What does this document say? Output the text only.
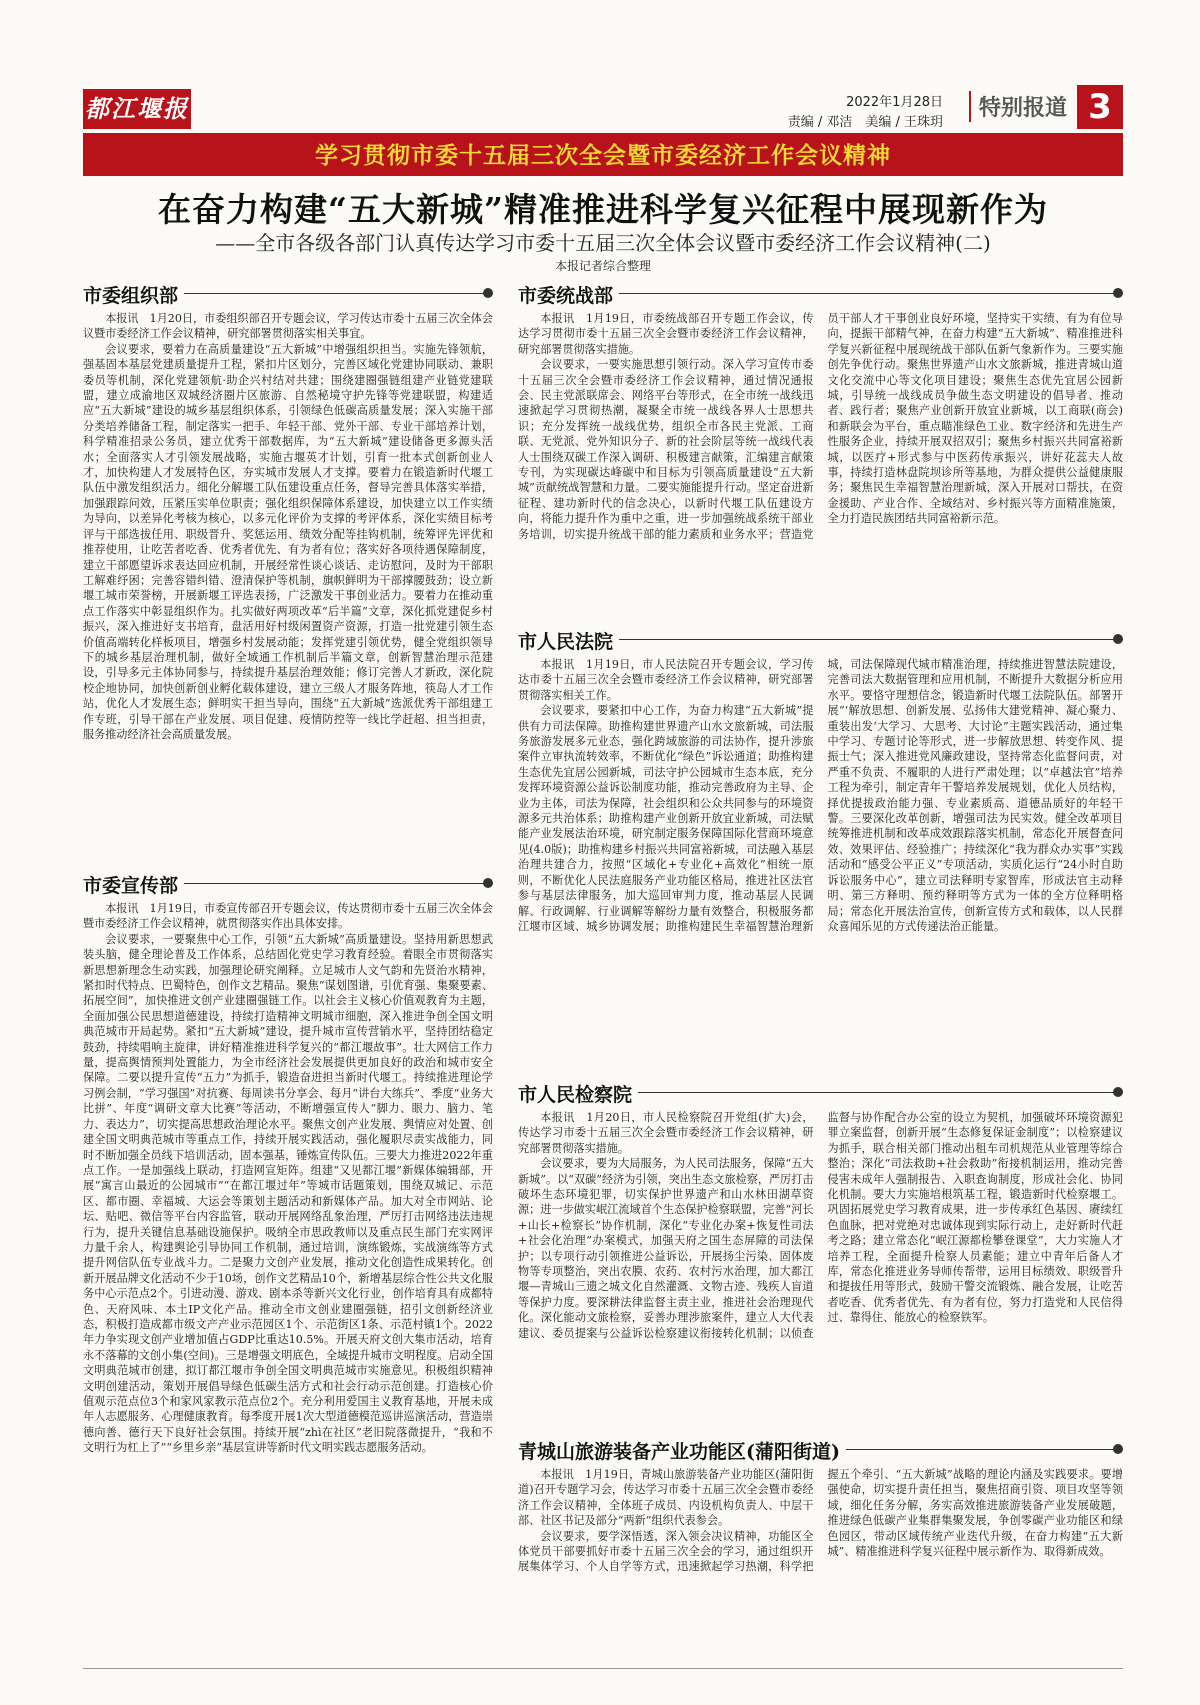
都江堰报	2022年1月28日
责编 / 邓洁　美编 / 王珠玥
特别报道 3
学习贯彻市委十五届三次全会暨市委经济工作会议精神
在奋力构建“五大新城”精准推进科学复兴征程中展现新作为
——全市各级各部门认真传达学习市委十五届三次全体会议暨市委经济工作会议精神(二)
本报记者综合整理
市委组织部

本报讯　1月20日，市委组织部召开专题会议，学习传达市委十五届三次全体会议暨市委经济工作会议精神，研究部署贯彻落实相关事宜。

会议要求，要着力在高质量建设“五大新城”中增强组织担当。实施先锋领航，强基固本基层党建质量提升工程，紧扣片区划分，完善区域化党建协同联动、兼职委员等机制，深化党建领航·助企兴村结对共建；围绕建圈强链组建产业链党建联盟，建立成渝地区双城经济圈片区旅游、自然秘境守护先锋等党建联盟，构建适应“五大新城”建设的城乡基层组织体系，引领绿色低碳高质量发展；深入实施干部分类培养储备工程，制定落实一把手、年轻干部、党外干部、专业干部培养计划，科学精准招录公务员，建立优秀干部数据库，为“五大新城”建设储备更多源头活水；全面落实人才引领发展战略，实施古堰英才计划，引育一批本式创新创业人才，加快构建人才发展特色区，夯实城市发展人才支撑。要着力在锻造新时代堰工队伍中激发组织活力。细化分解堰工队伍建设重点任务，督导完善具体落实举措，加强跟踪问效，压紧压实单位职责；强化组织保障体系建设，加快建立以工作实绩为导向，以差异化考核为核心，以多元化评价为支撑的考评体系，深化实绩目标考评与干部选拔任用、职级晋升、奖惩运用、绩效分配等挂钩机制，统筹评先评优和推荐使用，让吃苦者吃香、优秀者优先、有为者有位；落实好各项待遇保障制度，建立干部愿望诉求表达回应机制，开展经常性谈心谈话、走访慰问，及时为干部职工解难纾困；完善容错纠错、澄清保护等机制，旗帜鲜明为干部撑腰鼓劲；设立新堰工城市荣誉榜，开展新堰工评选表扬，广泛激发干事创业活力。要着力在推动重点工作落实中彰显组织作为。扎实做好两项改革“后半篇”文章，深化抓党建促乡村振兴，深入推进好支书培育，盘活用好村级闲置资产资源，打造一批党建引领生态价值高端转化样板项目，增强乡村发展动能；发挥党建引领优势，健全党组织领导下的城乡基层治理机制，做好全域通工作机制后半篇文章，创新智慧治理示范建设，引导多元主体协同参与，持续提升基层治理效能；修订完善人才新政，深化院校企地协同，加快创新创业孵化载体建设，建立三级人才服务阵地，筷岛人才工作站，优化人才发展生态；鲜明实干担当导向，围绕“五大新城”选派优秀干部组建工作专班，引导干部在产业发展、项目促建、疫情防控等一线比学赶超、担当担责，服务推动经济社会高质量发展。

市委宣传部

本报讯　1月19日，市委宣传部召开专题会议，传达贯彻市委十五届三次全体会暨市委经济工作会议精神，就贯彻落实作出具体安排。

会议要求，一要聚焦中心工作，引领“五大新城”高质量建设。坚持用新思想武装头脑，健全理论普及工作体系，总结固化党史学习教育经验。着眼全市贯彻落实新思想新理念生动实践，加强理论研究阐释。立足城市人文气韵和先贤治水精神，紧扣时代特点、巴蜀特色，创作文艺精品。聚焦“谋划图谱，引优育强、集聚要素、拓展空间”，加快推进文创产业建圈强链工作。以社会主义核心价值观教育为主题，全面加强公民思想道德建设，持续打造精神文明城市细胞，深入推进争创全国文明典范城市开局起势。紧扣“五大新城”建设，提升城市宣传营销水平，坚持团结稳定鼓劲，持续唱响主旋律，讲好精准推进科学复兴的“都江堰故事”。壮大网信工作力量，提高舆情预判处置能力，为全市经济社会发展提供更加良好的政治和城市安全保障。二要以提升宣传“五力”为抓手，锻造奋进担当新时代堰工。持续推进理论学习例会制，“学习强国”对抗赛、每周读书分享会、每月“讲台大练兵”、季度“业务大比拼”、年度“调研文章大比赛”等活动，不断增强宣传人“脚力、眼力、脑力、笔力、表达力”，切实提高思想政治理论水平。聚焦文创产业发展、舆情应对处置、创建全国文明典范城市等重点工作，持续开展实践活动，强化履职尽责实战能力，同时不断加强全员线下培训活动，固本强基，锤炼宣传队伍。三要大力推进2022年重点工作。一是加强线上联动，打造网宣矩阵。组建“又见都江堰”新媒体编辑部，开展“寓言山最近的公园城市”“在都江堰过年”等城市话题策划，围绕双城记、示范区、都市圈、幸福城、大运会等策划主题活动和新媒体产品。加大对全市网站、论坛、贴吧、微信等平台内容监管，联动开展网络乱象治理，严厉打击网络违法违规行为，提升关键信息基础设施保护。吸纳全市思政教师以及重点民生部门充实网评力量千余人，构建舆论引导协同工作机制，通过培训，演练锻炼，实战演练等方式提升网信队伍专业战斗力。二是聚力文创产业发展，推动文化创造性成果转化。创新开展品牌文化活动不少于10场，创作文艺精品10个，新增基层综合性公共文化服务中心示范点2个。引进动漫、游戏、剧本杀等新兴文化行业，创作培育具有成都特色、天府风味、本土IP文化产品。推动全市文创业建圈强链，招引文创新经济业态，积极打造成都市级文产产业示范园区1个、示范街区1条、示范村镇1个。2022年力争实现文创产业增加值占GDP比重达10.5%。开展天府文创大集市活动，培育永不落幕的文创小集(空间)。三是增强文明底色，全域提升城市文明程度。启动全国文明典范城市创建，拟订都江堰市争创全国文明典范城市实施意见。积极组织精神文明创建活动，策划开展倡导绿色低碳生活方式和社会行动示范创建。打造核心价值观示范点位3个和家风家教示范点位2个。充分利用爱国主义教育基地，开展未成年人志愿服务、心理健康教育。每季度开展1次大型道德模范巡讲巡演活动，营造崇德向善、德行天下良好社会氛围。持续开展“zhì在社区”老旧院落微提升，“我和不文明行为杠上了”“乡里乡亲”基层宣讲等新时代文明实践志愿服务活动。

市委统战部

本报讯　1月19日，市委统战部召开专题工作会议，传达学习贯彻市委十五届三次全会暨市委经济工作会议精神，研究部署贯彻落实措施。

会议要求，一要实施思想引领行动。深入学习宣传市委十五届三次全会暨市委经济工作会议精神，通过情况通报会、民主党派联席会、网络平台等形式，在全市统一战线迅速掀起学习贯彻热潮，凝聚全市统一战线各界人士思想共识；充分发挥统一战线优势，组织全市各民主党派、工商联、无党派、党外知识分子、新的社会阶层等统一战线代表人士围绕双碳工作深入调研、积极建言献策，汇编建言献策专刊，为实现碳达峰碳中和目标为引领高质量建设“五大新城”贡献统战智慧和力量。二要实施能提升行动。坚定奋进新征程、建功新时代的信念决心，以新时代堰工队伍建设方向，将能力提升作为重中之重，进一步加强统战系统干部业务培训，切实提升统战干部的能力素质和业务水平；营造党员干部人才干事创业良好环境，坚持实干实绩、有为有位导向，提振干部精气神，在奋力构建“五大新城”、精准推进科学复兴新征程中展现统战干部队伍新气象新作为。三要实施创先争优行动。聚焦世界遗产山水文旅新城，推进青城山道文化交流中心等文化项目建设；聚焦生态优先宜居公园新城，引导统一战线成员争做生态文明建设的倡导者、推动者、践行者；聚焦产业创新开放宜业新城，以工商联(商会)和新联会为平台，重点瞄准绿色工业、数字经济和先进生产性服务企业，持续开展双招双引；聚焦乡村振兴共同富裕新城，以医疗+形式参与中医药传承振兴，讲好花蕊夫人故事，持续打造林盘院坝诊所等基地，为群众提供公益健康服务；聚焦民生幸福智慧治理新城，深入开展对口帮扶，在资金援助、产业合作、全域结对、乡村振兴等方面精准施策，全力打造民族团结共同富裕新示范。

市人民法院

本报讯　1月19日，市人民法院召开专题会议，学习传达市委十五届三次全会暨市委经济工作会议精神，研究部署贯彻落实相关工作。

会议要求，要紧扣中心工作，为奋力构建“五大新城”提供有力司法保障。助推构建世界遗产山水文旅新城，司法服务旅游发展多元业态，强化跨域旅游的司法协作，提升涉旅案件立审执流转效率，不断优化“绿色”诉讼通道；助推构建生态优先宜居公园新城，司法守护公园城市生态本底，充分发挥环境资源公益诉讼制度功能，推动完善政府为主导、企业为主体，司法为保障，社会组织和公众共同参与的环境资源多元共治体系；助推构建产业创新开放宜业新城，司法赋能产业发展法治环境，研究制定服务保障国际化营商环境意见(4.0版)；助推构建乡村振兴共同富裕新城，司法融入基层治理共建合力，按照“区域化+专业化+高效化”相统一原则，不断优化人民法庭服务产业功能区格局，推进社区法官参与基层法律服务，加大巡回审判力度，推动基层人民调解、行政调解、行业调解等解纷力量有效整合，积极服务都江堰市区域、城乡协调发展；助推构建民生幸福智慧治理新城，司法保障现代城市精准治理，持续推进智慧法院建设，完善司法大数据管理和应用机制，不断提升大数据分析应用水平。要恪守理想信念，锻造新时代堰工法院队伍。部署开展“‘解放思想、创新发展、弘扬伟大建党精神、凝心聚力、重装出发’大学习、大思考、大讨论”主题实践活动，通过集中学习、专题讨论等形式，进一步解放思想、转变作风、提振士气；深入推进党风廉政建设，坚持常态化监督问责，对严重不负责、不履职的人进行严肃处理；以“卓越法官”培养工程为牵引，制定青年干警培养发展规划，优化人员结构，择优提拔政治能力强、专业素质高、道德品质好的年轻干警。三要深化改革创新，增强司法为民实效。健全改革项目统筹推进机制和改革成效跟踪落实机制，常态化开展督查问效、效果评估、经验推广；持续深化“我为群众办实事”实践活动和“感受公平正义”专项活动，实质化运行“24小时自助诉讼服务中心”，建立司法释明专家智库，形成法官主动释明、第三方释明、预约释明等方式为一体的全方位释明格局；常态化开展法治宣传，创新宣传方式和载体，以人民群众喜闻乐见的方式传递法治正能量。

市人民检察院

本报讯　1月20日，市人民检察院召开党组(扩大)会，传达学习市委十五届三次全会暨市委经济工作会议精神，研究部署贯彻落实措施。

会议要求，要为大局服务，为人民司法服务，保障“五大新城”。以“双碳”经济为引领，突出生态文旅检察，严厉打击破坏生态环境犯罪，切实保护世界遗产和山水林田湖草资源；进一步做实岷江流域首个生态保护检察联盟，完善“河长+山长+检察长”协作机制，深化“专业化办案+恢复性司法+社会化治理”办案模式，加强天府之国生态屏障的司法保护；以专项行动引领推进公益诉讼，开展扬尘污染、固体废物等专项整治，突出农膜、农药、农村污水治理，加大都江堰—青城山三遗之城文化自然灌溉、文物古迹、残疾人盲道等保护力度。要深耕法律监督主责主业，推进社会治理现代化。深化能动文旅检察，妥善办理涉旅案件，建立人大代表建议、委员提案与公益诉讼检察建议衔接转化机制；以侦查监督与协作配合办公室的设立为契机，加强破坏环境资源犯罪立案监督，创新开展“生态修复保证金制度”；以检察建议为抓手，联合相关部门推动出租车司机规范从业管理等综合整治；深化“司法救助+社会救助”衔接机制运用，推动完善侵害未成年人强制报告、入职查询制度，形成社会化、协同化机制。要大力实施培根筑基工程，锻造新时代检察堰工。巩固拓展党史学习教育成果，进一步传承红色基因、赓续红色血脉，把对党绝对忠诚体现到实际行动上，走好新时代赶考之路；建立常态化“岷江源都检攀登课堂”，大力实施人才培养工程，全面提升检察人员素能；建立中青年后备人才库，常态化推进业务导师传帮带，运用目标绩效、职级晋升和提拔任用等形式，鼓励干警交流锻炼、融合发展，让吃苦者吃香、优秀者优先、有为者有位，努力打造党和人民信得过、靠得住、能放心的检察铁军。

青城山旅游装备产业功能区(蒲阳街道)

本报讯　1月19日，青城山旅游装备产业功能区(蒲阳街道)召开专题学习会，传达学习市委十五届三次全会暨市委经济工作会议精神，全体班子成员、内设机构负责人、中层干部、社区书记及部分“两新”组织代表参会。

会议要求，要学深悟透，深入领会决议精神，功能区全体党员干部要抓好市委十五届三次全会的学习，通过组织开展集体学习、个人自学等方式，迅速掀起学习热潮，科学把握五个牵引、“五大新城”战略的理论内涵及实践要求。要增强使命，切实提升责任担当，聚焦招商引资、项目攻坚等领域，细化任务分解，务实高效推进旅游装备产业发展破题，推进绿色低碳产业集群集聚发展，争创零碳产业功能区和绿色园区，带动区域传统产业迭代升级，在奋力构建“五大新城”、精准推进科学复兴征程中展示新作为、取得新成效。
